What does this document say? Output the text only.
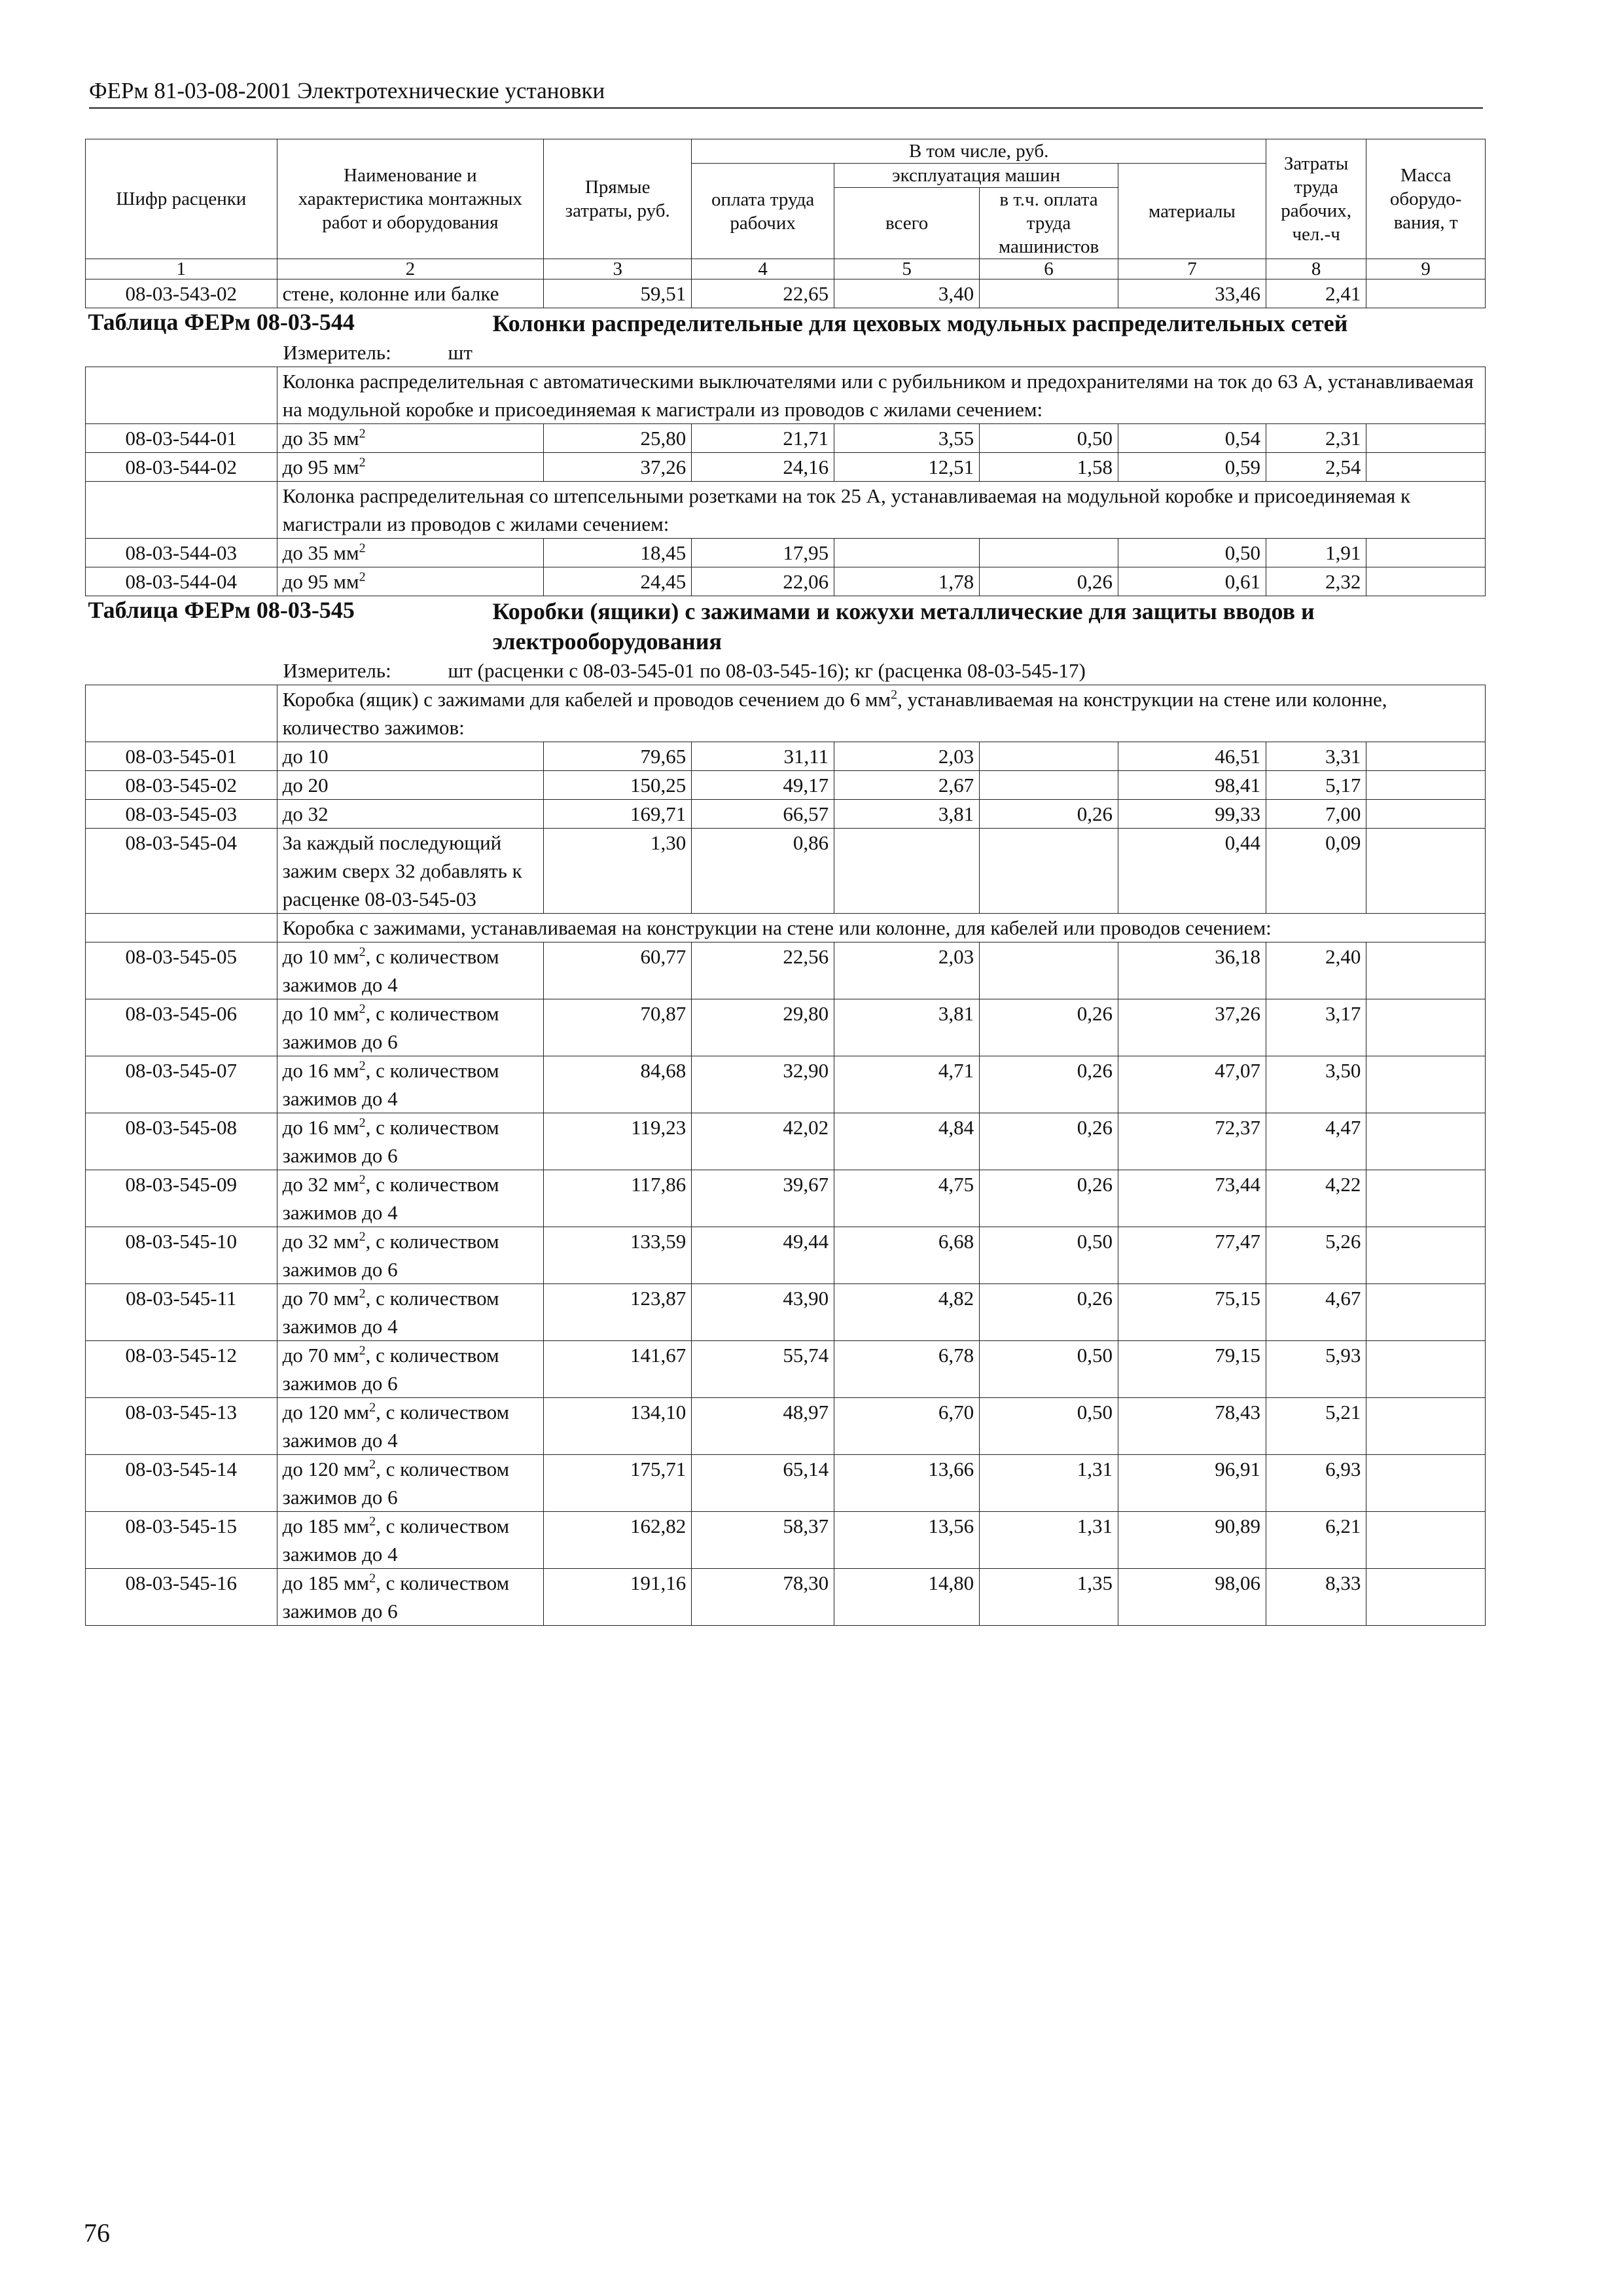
ФЕРм 81-03-08-2001 Электротехнические установки
Шифр расценки	Наименование и характеристика монтажных работ и оборудования	Прямые затраты, руб.	В том числе, руб.				Затраты труда рабочих, чел.-ч	Масса оборудо-вания, т
			оплата труда рабочих	эксплуатация машин		материалы		
				всего	в т.ч. оплата труда машинистов			
1	2	3	4	5	6	7	8	9
08-03-543-02	стене, колонне или балке	59,51	22,65	3,40		33,46	2,41	

Таблица ФЕРм 08-03-544 Колонки распределительные для цеховых модульных распределительных сетей
Измеритель: шт								

	Колонка распределительная с автоматическими выключателями или с рубильником и предохранителями на ток до 63 А, устанавливаемая на модульной коробке и присоединяемая к магистрали из проводов с жилами сечением:							
08-03-544-01	до 35 $мм^2$	25,80	21,71	3,55	0,50	0,54	2,31	
08-03-544-02	до 95 $мм^2$	37,26	24,16	12,51	1,58	0,59	2,54	
	Колонка распределительная со штепсельными розетками на ток 25 А, устанавливаемая на модульной коробке и присоединяемая к магистрали из проводов с жилами сечением:							
08-03-544-03	до 35 $мм^2$	18,45	17,95			0,50	1,91	
08-03-544-04	до 95 $мм^2$	24,45	22,06	1,78	0,26	0,61	2,32	

Таблица ФЕРм 08-03-545 Коробки (ящики) с зажимами и кожухи металлические для защиты вводов и электрооборудования
Измеритель: шт (расценки с 08-03-545-01 по 08-03-545-16); кг (расценка 08-03-545-17)								

	Коробка (ящик) с зажимами для кабелей и проводов сечением до 6 $мм^2$, устанавливаемая на конструкции на стене или колонне, количество зажимов:							
08-03-545-01	до 10	79,65	31,11	2,03		46,51	3,31	
08-03-545-02	до 20	150,25	49,17	2,67		98,41	5,17	
08-03-545-03	до 32	169,71	66,57	3,81	0,26	99,33	7,00	
08-03-545-04	За каждый последующий зажим сверх 32 добавлять к расценке 08-03-545-03	1,30	0,86			0,44	0,09	
	Коробка с зажимами, устанавливаемая на конструкции на стене или колонне, для кабелей или проводов сечением:							
08-03-545-05	до 10 $мм^2$, с количеством зажимов до 4	60,77	22,56	2,03		36,18	2,40	
08-03-545-06	до 10 $мм^2$, с количеством зажимов до 6	70,87	29,80	3,81	0,26	37,26	3,17	
08-03-545-07	до 16 $мм^2$, с количеством зажимов до 4	84,68	32,90	4,71	0,26	47,07	3,50	
08-03-545-08	до 16 $мм^2$, с количеством зажимов до 6	119,23	42,02	4,84	0,26	72,37	4,47	
08-03-545-09	до 32 $мм^2$, с количеством зажимов до 4	117,86	39,67	4,75	0,26	73,44	4,22	
08-03-545-10	до 32 $мм^2$, с количеством зажимов до 6	133,59	49,44	6,68	0,50	77,47	5,26	
08-03-545-11	до 70 $мм^2$, с количеством зажимов до 4	123,87	43,90	4,82	0,26	75,15	4,67	
08-03-545-12	до 70 $мм^2$, с количеством зажимов до 6	141,67	55,74	6,78	0,50	79,15	5,93	
08-03-545-13	до 120 $мм^2$, с количеством зажимов до 4	134,10	48,97	6,70	0,50	78,43	5,21	
08-03-545-14	до 120 $мм^2$, с количеством зажимов до 6	175,71	65,14	13,66	1,31	96,91	6,93	
08-03-545-15	до 185 $мм^2$, с количеством зажимов до 4	162,82	58,37	13,56	1,31	90,89	6,21	
08-03-545-16	до 185 $мм^2$, с количеством зажимов до 6	191,16	78,30	14,80	1,35	98,06	8,33	
76
